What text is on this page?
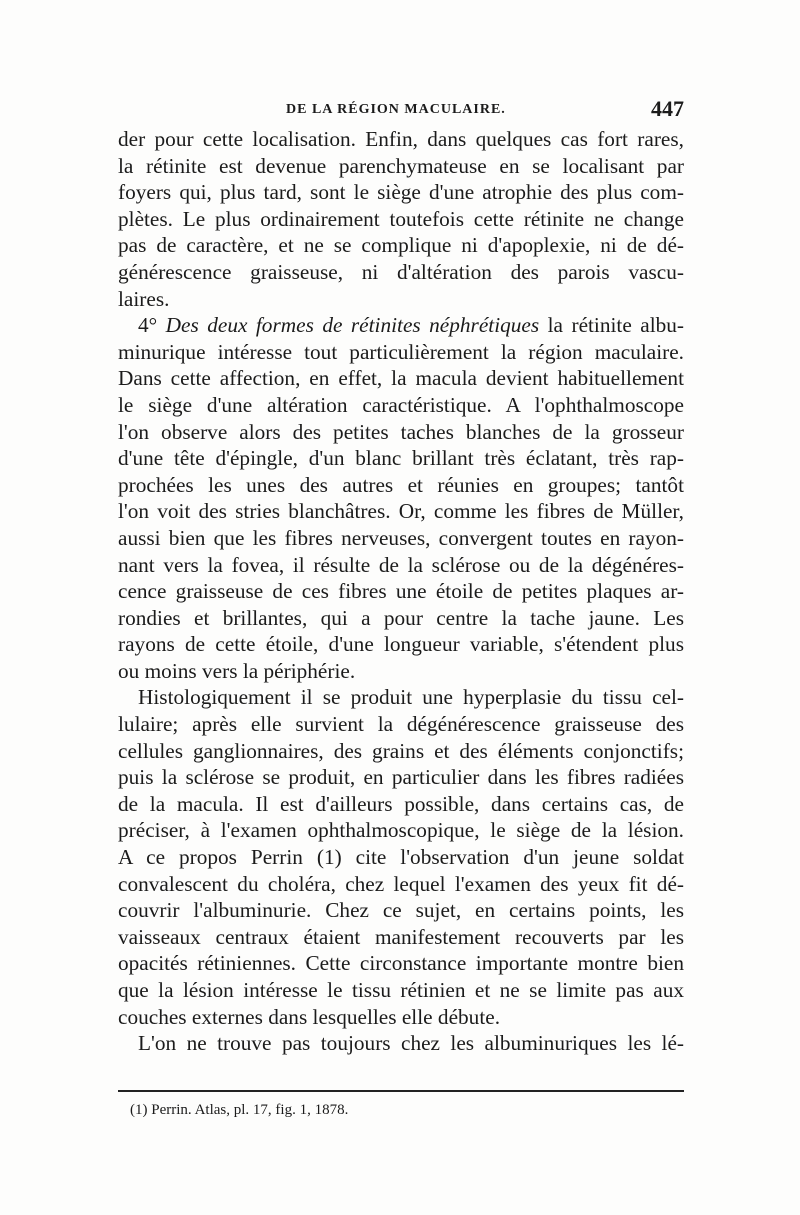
DE LA RÉGION MACULAIRE.	447
der pour cette localisation. Enfin, dans quelques cas fort rares,
la rétinite est devenue parenchymateuse en se localisant par
foyers qui, plus tard, sont le siège d'une atrophie des plus com-
plètes. Le plus ordinairement toutefois cette rétinite ne change
pas de caractère, et ne se complique ni d'apoplexie, ni de dé-
générescence graisseuse, ni d'altération des parois vascu-
laires.
4° Des deux formes de rétinites néphrétiques la rétinite albu-
minurique intéresse tout particulièrement la région maculaire.
Dans cette affection, en effet, la macula devient habituellement
le siège d'une altération caractéristique. A l'ophthalmoscope
l'on observe alors des petites taches blanches de la grosseur
d'une tête d'épingle, d'un blanc brillant très éclatant, très rap-
prochées les unes des autres et réunies en groupes; tantôt
l'on voit des stries blanchâtres. Or, comme les fibres de Müller,
aussi bien que les fibres nerveuses, convergent toutes en rayon-
nant vers la fovea, il résulte de la sclérose ou de la dégénéres-
cence graisseuse de ces fibres une étoile de petites plaques ar-
rondies et brillantes, qui a pour centre la tache jaune. Les
rayons de cette étoile, d'une longueur variable, s'étendent plus
ou moins vers la périphérie.
Histologiquement il se produit une hyperplasie du tissu cel-
lulaire; après elle survient la dégénérescence graisseuse des
cellules ganglionnaires, des grains et des éléments conjonctifs;
puis la sclérose se produit, en particulier dans les fibres radiées
de la macula. Il est d'ailleurs possible, dans certains cas, de
préciser, à l'examen ophthalmoscopique, le siège de la lésion.
A ce propos Perrin (1) cite l'observation d'un jeune soldat
convalescent du choléra, chez lequel l'examen des yeux fit dé-
couvrir l'albuminurie. Chez ce sujet, en certains points, les
vaisseaux centraux étaient manifestement recouverts par les
opacités rétiniennes. Cette circonstance importante montre bien
que la lésion intéresse le tissu rétinien et ne se limite pas aux
couches externes dans lesquelles elle débute.
L'on ne trouve pas toujours chez les albuminuriques les lé-
(1) Perrin. Atlas, pl. 17, fig. 1, 1878.
